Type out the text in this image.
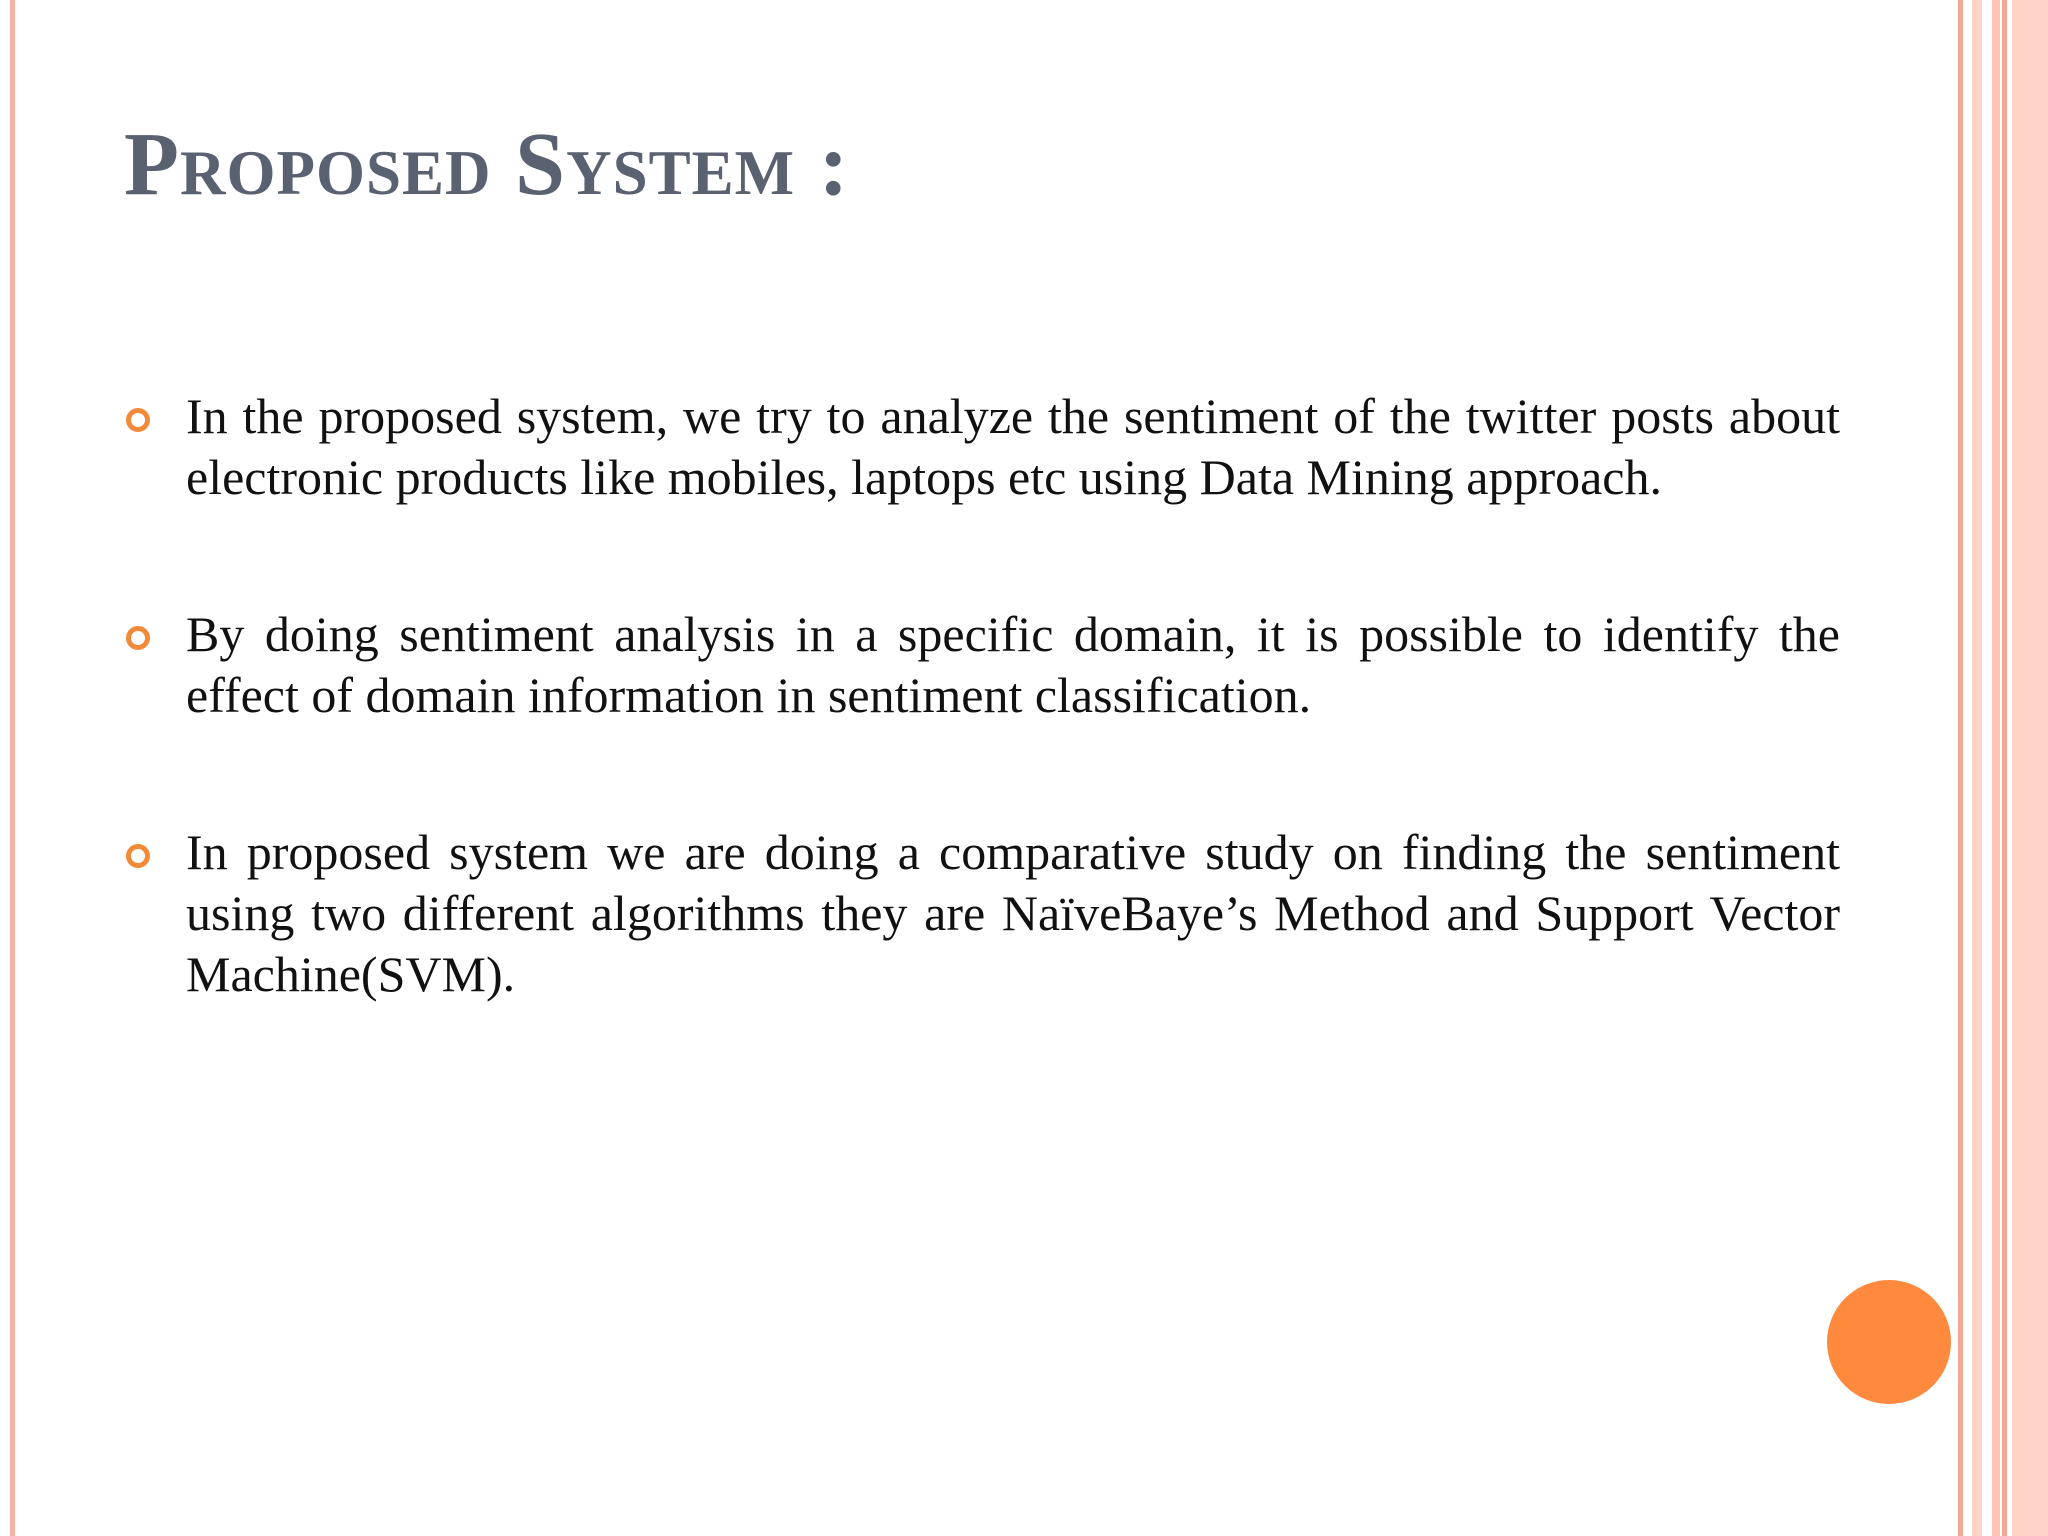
Proposed System :
In the proposed system, we try to analyze the sentiment of the twitter posts about electronic products like mobiles, laptops etc using Data Mining approach.
By doing sentiment analysis in a specific domain, it is possible to identify the effect of domain information in sentiment classification.
In proposed system we are doing a comparative study on finding the sentiment using two different algorithms they are NaïveBaye’s Method and Support Vector Machine(SVM).
